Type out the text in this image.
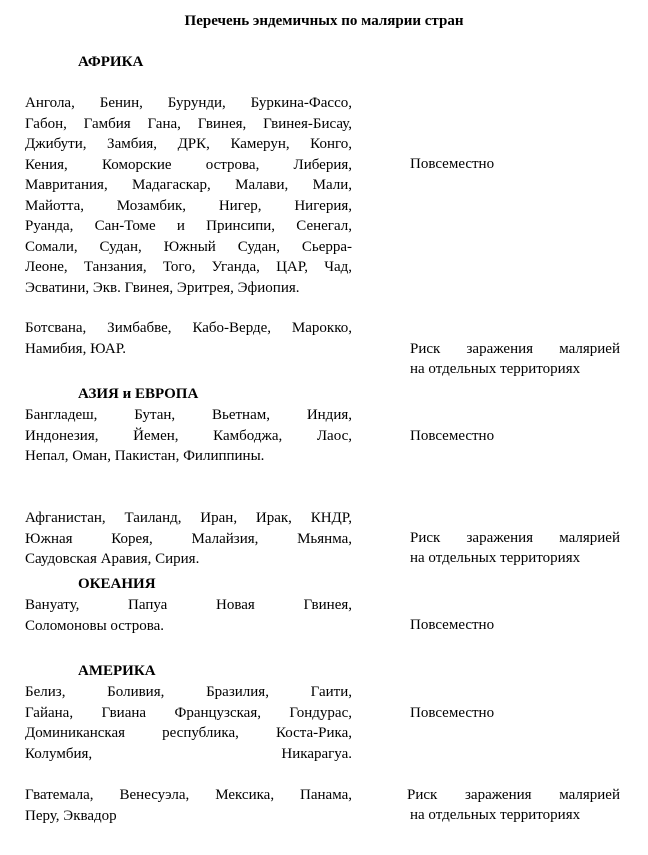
Перечень эндемичных по малярии стран
АФРИКА
Ангола, Бенин, Бурунди, Буркина-Фассо,
Габон, Гамбия Гана, Гвинея, Гвинея-Бисау,
Джибути, Замбия, ДРК, Камерун, Конго,
Кения, Коморские острова, Либерия,
Мавритания, Мадагаскар, Малави, Мали,
Майотта, Мозамбик, Нигер, Нигерия,
Руанда, Сан-Томе и Принсипи, Сенегал,
Сомали, Судан, Южный Судан, Сьерра-
Леоне, Танзания, Того, Уганда, ЦАР, Чад,
Эсватини, Экв. Гвинея, Эритрея, Эфиопия.
Повсеместно
Ботсвана, Зимбабве, Кабо-Верде, Марокко,
Намибия, ЮАР.	Риск заражения малярией
на отдельных территориях
АЗИЯ и ЕВРОПА
Бангладеш, Бутан, Вьетнам, Индия,
Индонезия, Йемен, Камбоджа, Лаос,
Непал, Оман, Пакистан, Филиппины.
Повсеместно
Афганистан, Таиланд, Иран, Ирак, КНДР,
Южная Корея, Малайзия, Мьянма,
Саудовская Аравия, Сирия.
Риск заражения малярией
на отдельных территориях
ОКЕАНИЯ
Вануату, Папуа Новая Гвинея,
Соломоновы острова.	Повсеместно
АМЕРИКА
Белиз, Боливия, Бразилия, Гаити,
Гайана, Гвиана Французская, Гондурас,
Доминиканская республика, Коста-Рика,
Колумбия, Никарагуа.
Повсеместно
Гватемала, Венесуэла, Мексика, Панама,
Перу, Эквадор
Риск заражения малярией
на отдельных территориях
